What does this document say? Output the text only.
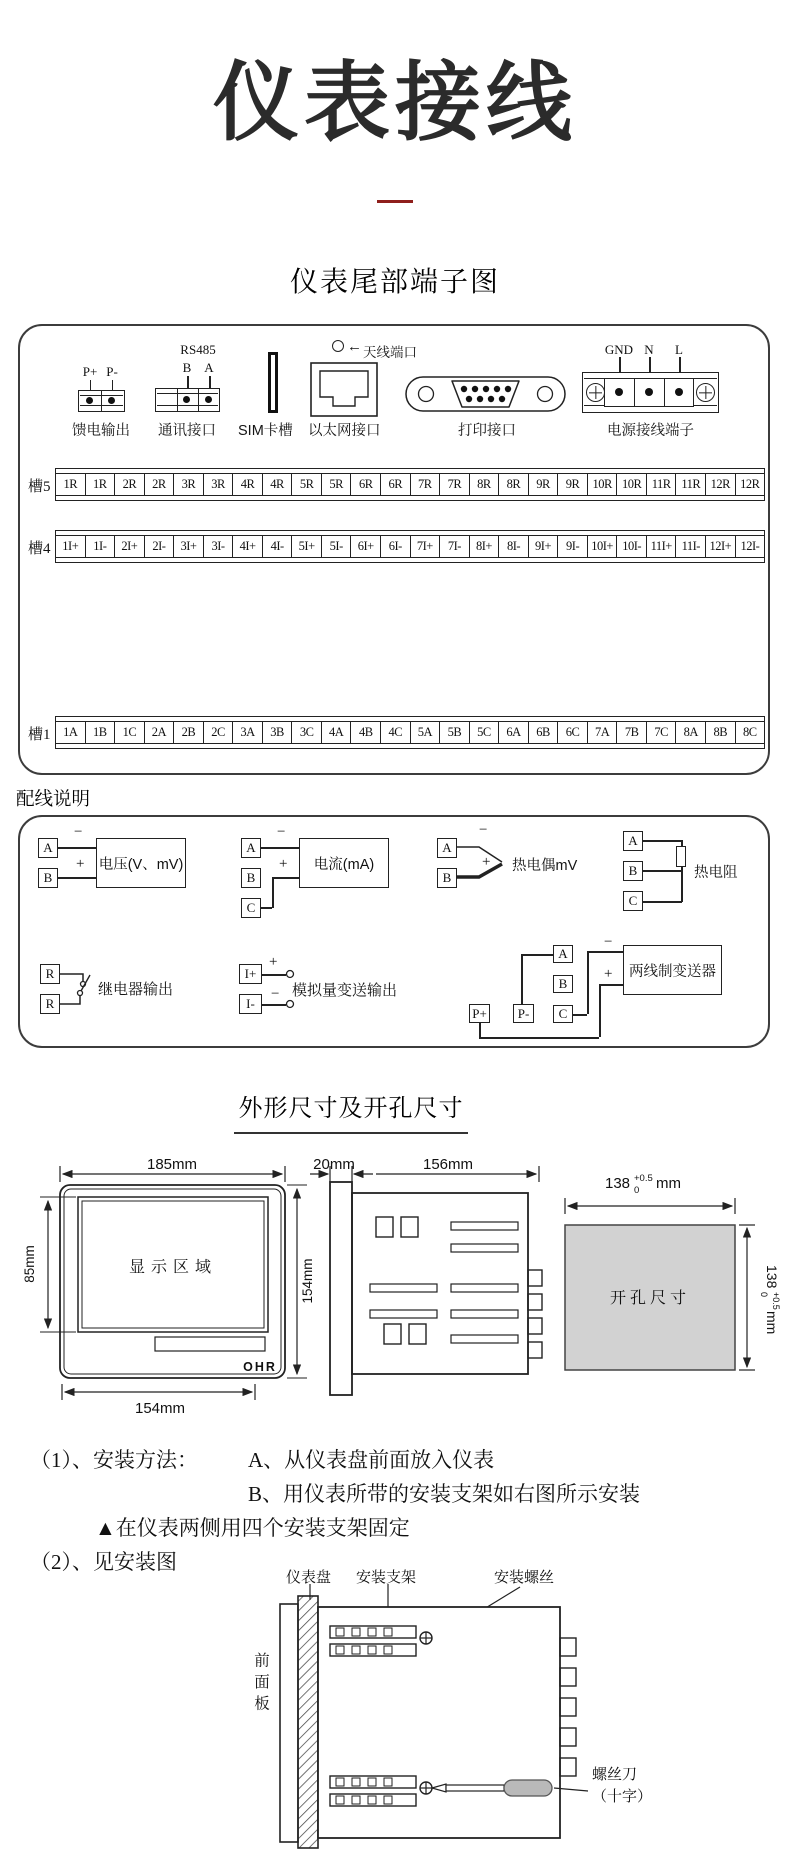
仪表接线
仪表尾部端子图
P+ P-
馈电输出
RS485
B A
通讯接口 SIM卡槽
← 天线端口
以太网接口	打印接口
GND N L
电源接线端子
槽5	1R	1R	2R	2R	3R	3R	4R	4R	5R	5R	6R	6R	7R	7R	8R	8R	9R	9R	10R 10R 11R 11R 12R 12R
槽4 1I+	1I-	2I+	2I-	3I+	3I-	4I+	4I-	5I+	5I-	6I+	6I-	7I+	7I-	8I+	8I-	9I+	9I- 10I+ 10I- 11I+ 11I- 12I+ 12I-
槽1	1A	1B	1C	2A	2B	2C	3A	3B	3C	4A	4B	4C	5A	5B	5C	6A	6B	6C	7A	7B	7C	8A	8B	8C
配线说明
A
B
−
+ 电压(V、mV)
A
B
C
−
+	电流(mA)
A
B
−
+ 热电偶mV
A
B
C
热电阻
R
R
继电器输出
I+
I-
+
− 模拟量变送输出
P+	P-
A
B
C
两线制变送器
−
+
外形尺寸及开孔尺寸
185mm
显示区域
OHR
85mm	154mm
154mm
20mm	156mm
138 +0.5
0 mm
开孔尺寸
138
+0.5
0
mm
（1）、安装方法： A、从仪表盘前面放入仪表
B、用仪表所带的安装支架如右图所示安装
▲在仪表两侧用四个安装支架固定
（2）、见安装图
仪表盘 安装支架	安装螺丝
前面板
螺丝刀
（十字）
